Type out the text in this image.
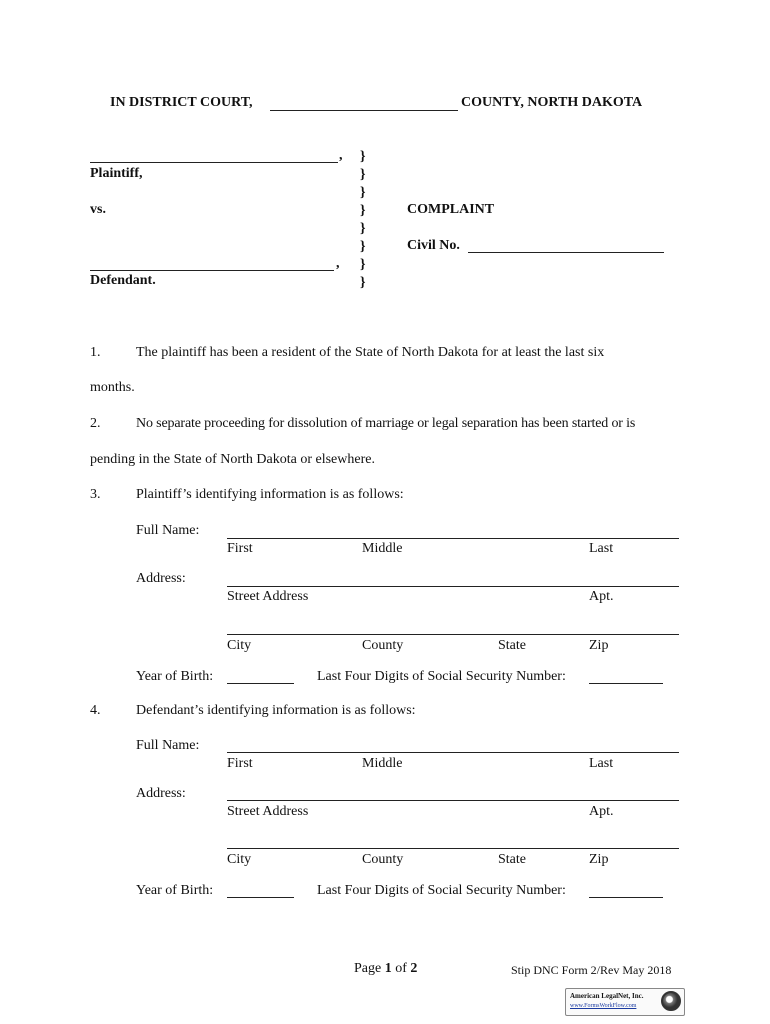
IN DISTRICT COURT,	COUNTY, NORTH DAKOTA
,
Plaintiff,
vs.
,
Defendant.
}
}
}
}
}
}
}
}
COMPLAINT
Civil No.
1.	The plaintiff has been a resident of the State of North Dakota for at least the last six
months.
2.	No separate proceeding for dissolution of marriage or legal separation has been started or is
pending in the State of North Dakota or elsewhere.
3.	Plaintiff’s identifying information is as follows:
Full Name:
First	Middle	Last
Address:
Street Address	Apt.
City	County	State	Zip
Year of Birth:	Last Four Digits of Social Security Number:
4.	Defendant’s identifying information is as follows:
Full Name:
First	Middle	Last
Address:
Street Address	Apt.
City	County	State	Zip
Year of Birth:	Last Four Digits of Social Security Number:
Page 1 of 2	Stip DNC Form 2/Rev May 2018
American LegalNet, Inc.
www.FormsWorkFlow.com
